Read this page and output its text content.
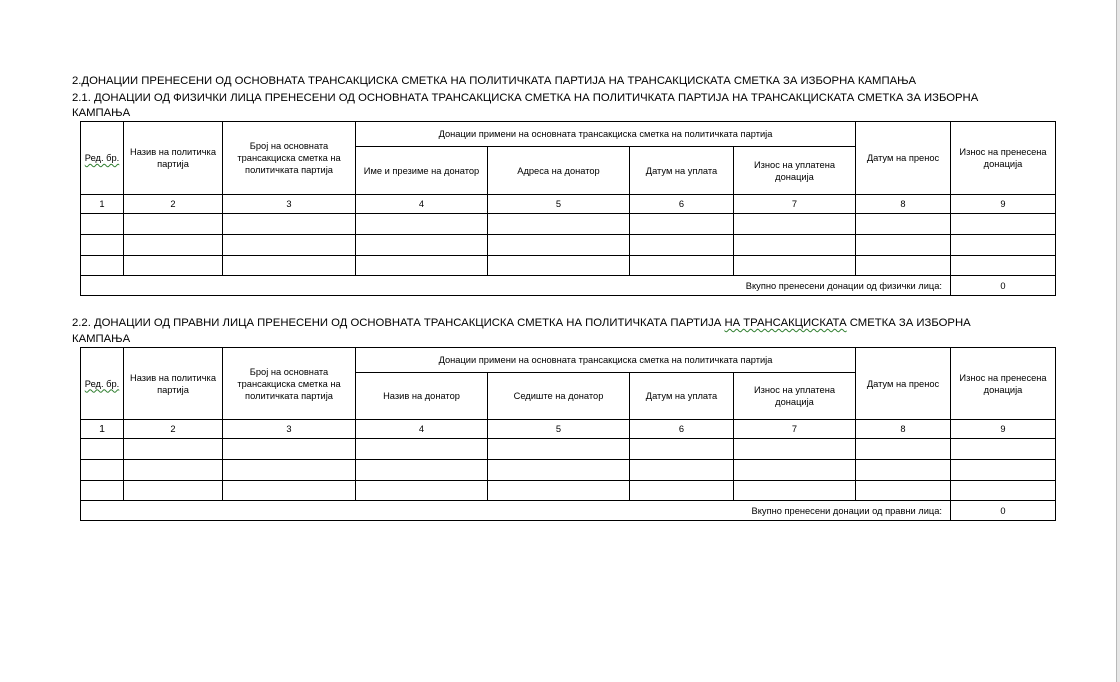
2.ДОНАЦИИ ПРЕНЕСЕНИ ОД ОСНОВНАТА ТРАНСАКЦИСКА СМЕТКА НА ПОЛИТИЧКАТА ПАРТИЈА НА ТРАНСАКЦИСКАТА СМЕТКА ЗА ИЗБОРНА КАМПАЊА
2.1. ДОНАЦИИ ОД ФИЗИЧКИ ЛИЦА ПРЕНЕСЕНИ ОД ОСНОВНАТА ТРАНСАКЦИСКА СМЕТКА НА ПОЛИТИЧКАТА ПАРТИЈА НА ТРАНСАКЦИСКАТА СМЕТКА ЗА ИЗБОРНА
КАМПАЊА
Ред. бр.	Назив на политичка партија	Број на основната трансакциска сметка на политичката партија	Донации примени на основната трансакциска сметка на политичката партија				Датум на пренос	Износ на пренесена донација
			Име и презиме на донатор	Адреса на донатор	Датум на уплата	Износ на уплатена донација		
1	2	3	4	5	6	7	8	9

Вкупно пренесени донации од физички лица:								0
2.2. ДОНАЦИИ ОД ПРАВНИ ЛИЦА ПРЕНЕСЕНИ ОД ОСНОВНАТА ТРАНСАКЦИСКА СМЕТКА НА ПОЛИТИЧКАТА ПАРТИЈА НА ТРАНСАКЦИСКАТА СМЕТКА ЗА ИЗБОРНА
КАМПАЊА
Ред. бр.	Назив на политичка партија	Број на основната трансакциска сметка на политичката партија	Донации примени на основната трансакциска сметка на политичката партија				Датум на пренос	Износ на пренесена донација
			Назив на донатор	Седиште на донатор	Датум на уплата	Износ на уплатена донација		
1	2	3	4	5	6	7	8	9

Вкупно пренесени донации од правни лица:								0
